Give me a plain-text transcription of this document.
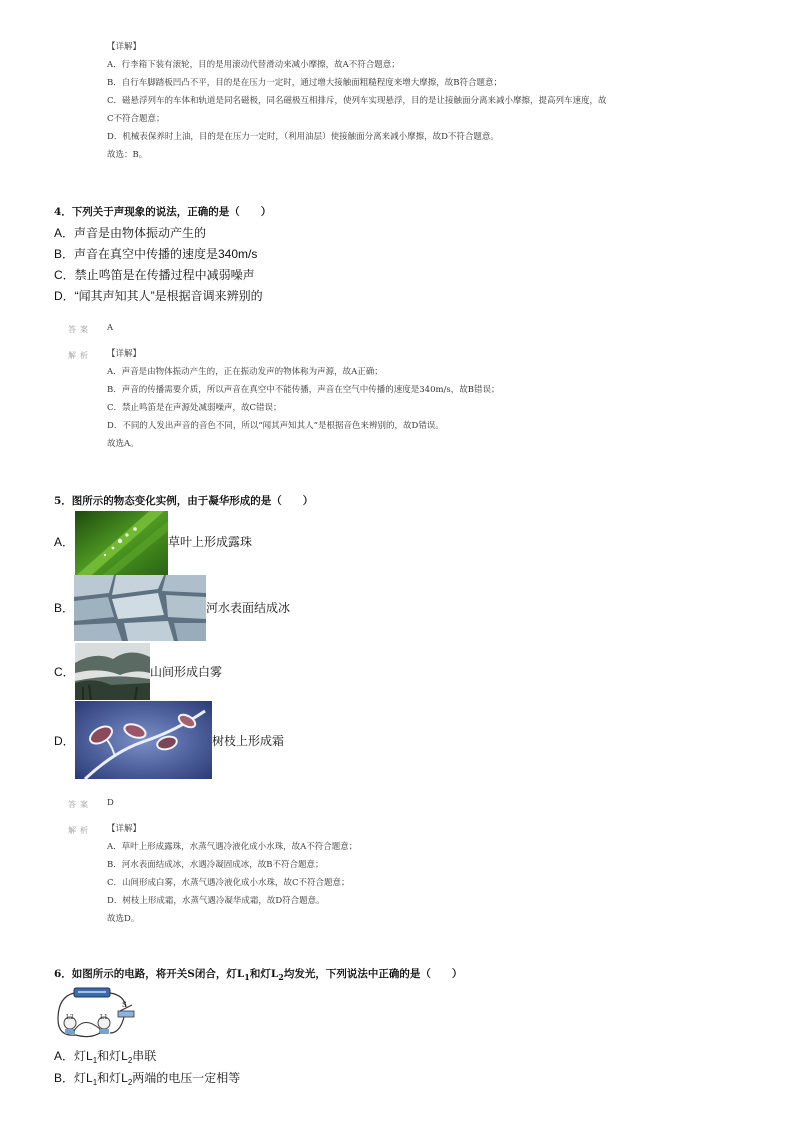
【详解】
A．行李箱下装有滚轮，目的是用滚动代替滑动来减小摩擦，故A不符合题意；
B．自行车脚踏板凹凸不平，目的是在压力一定时，通过增大接触面粗糙程度来增大摩擦，故B符合题意；
C．磁悬浮列车的车体和轨道是同名磁极，同名磁极互相排斥，使列车实现悬浮，目的是让接触面分离来减小摩擦，提高列车速度，故
C不符合题意；
D．机械表保养时上油，目的是在压力一定时，（利用油层）使接触面分离来减小摩擦，故D不符合题意。
故选：B。
4．下列关于声现象的说法，正确的是（　　）
A．声音是由物体振动产生的
B．声音在真空中传播的速度是340m/s
C．禁止鸣笛是在传播过程中减弱噪声
D．“闻其声知其人”是根据音调来辨别的
答案 A
解析 【详解】
A．声音是由物体振动产生的，正在振动发声的物体称为声源，故A正确；
B．声音的传播需要介质，所以声音在真空中不能传播，声音在空气中传播的速度是340m/s，故B错误；
C．禁止鸣笛是在声源处减弱噪声，故C错误；
D．不同的人发出声音的音色不同，所以“闻其声知其人”是根据音色来辨别的，故D错误。
故选A。
5．图所示的物态变化实例，由于凝华形成的是（　　）
A．	草叶上形成露珠
B．	河水表面结成冰
C．	山间形成白雾
D．	树枝上形成霜
答案 D
解析 【详解】
A．草叶上形成露珠，水蒸气遇冷液化成小水珠，故A不符合题意；
B．河水表面结成冰，水遇冷凝固成冰，故B不符合题意；
C．山间形成白雾，水蒸气遇冷液化成小水珠，故C不符合题意；
D．树枝上形成霜，水蒸气遇冷凝华成霜，故D符合题意。
故选D。
6．如图所示的电路，将开关S闭合，灯$L_1$和灯$L_2$均发光，下列说法中正确的是（　　）
S
L2	L1
A．灯$L_1$和灯$L_2$串联
B．灯$L_1$和灯$L_2$两端的电压一定相等
